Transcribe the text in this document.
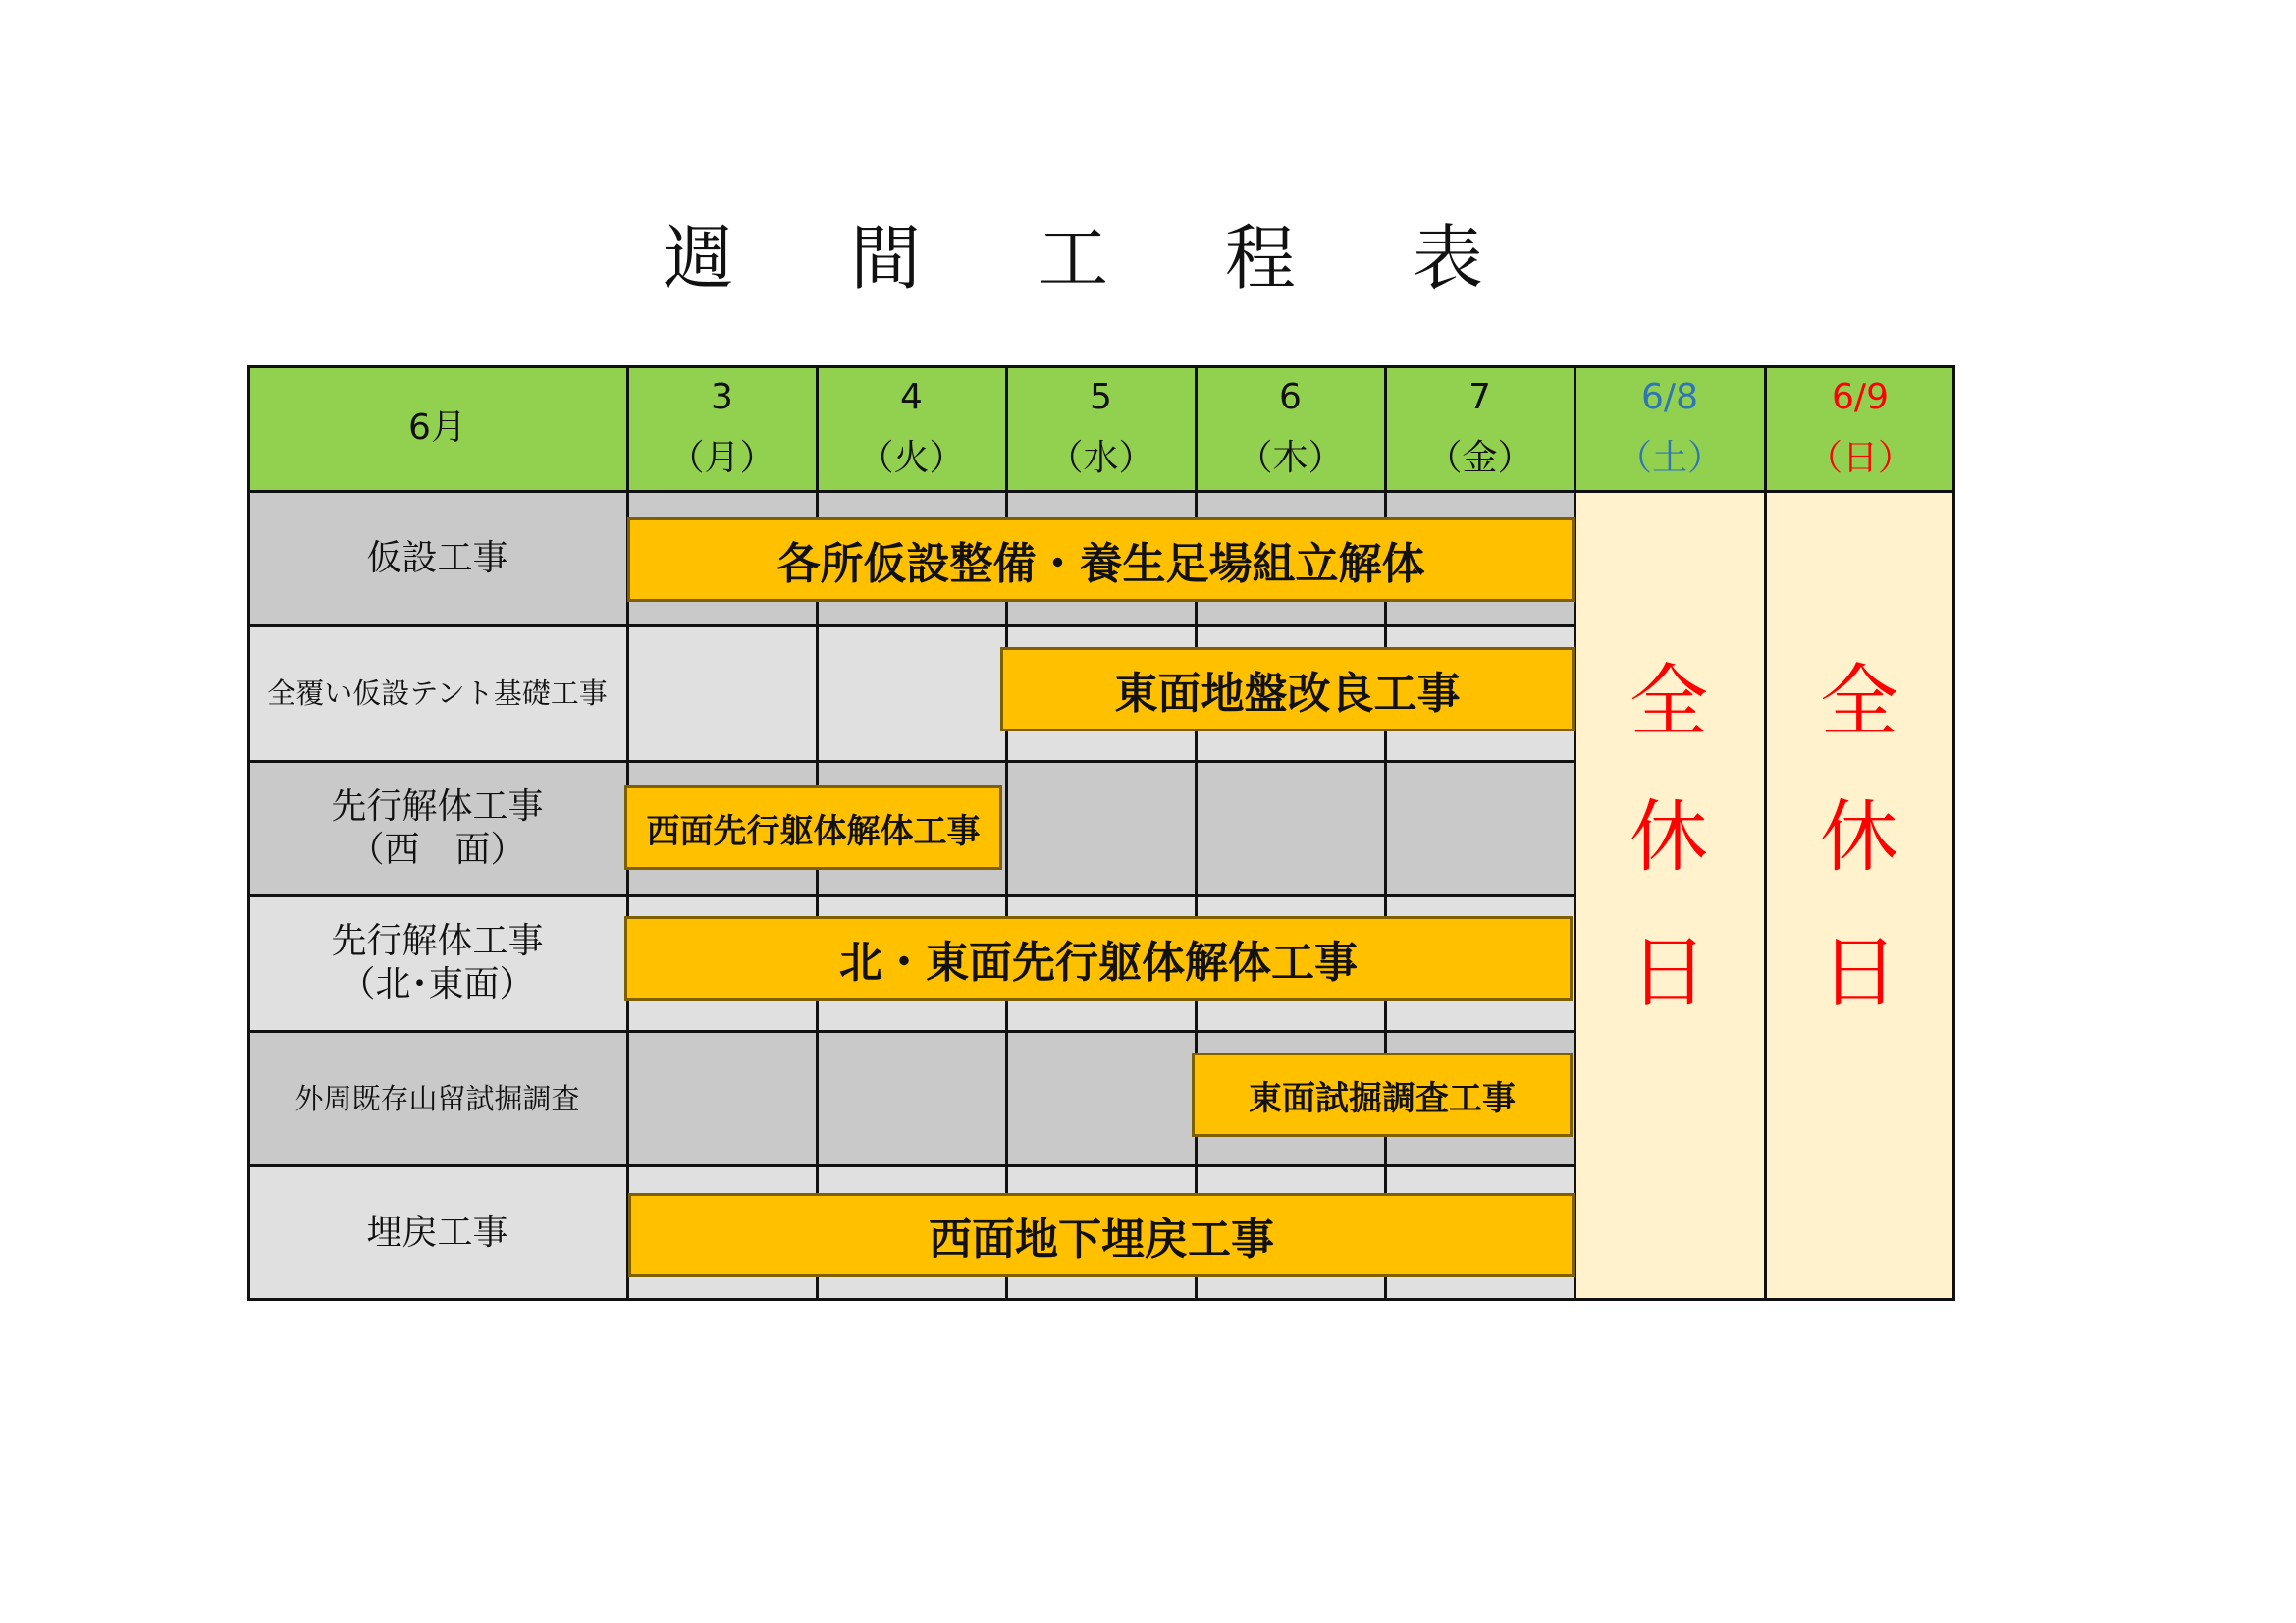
週 間 工 程 表
6月
3
（月）
4
（火）
5
（水）
6
（木）
7
（金）
6/8
（土）
6/9
（日）
仮設工事
全覆い仮設テント基礎工事
先行解体工事
（西　面）
先行解体工事
（北･東面）
外周既存山留試掘調査
埋戻工事
各所仮設整備・養生足場組立解体
東面地盤改良工事
西面先行躯体解体工事
北・東面先行躯体解体工事
東面試掘調査工事
西面地下埋戻工事
全
休
日
全
休
日
